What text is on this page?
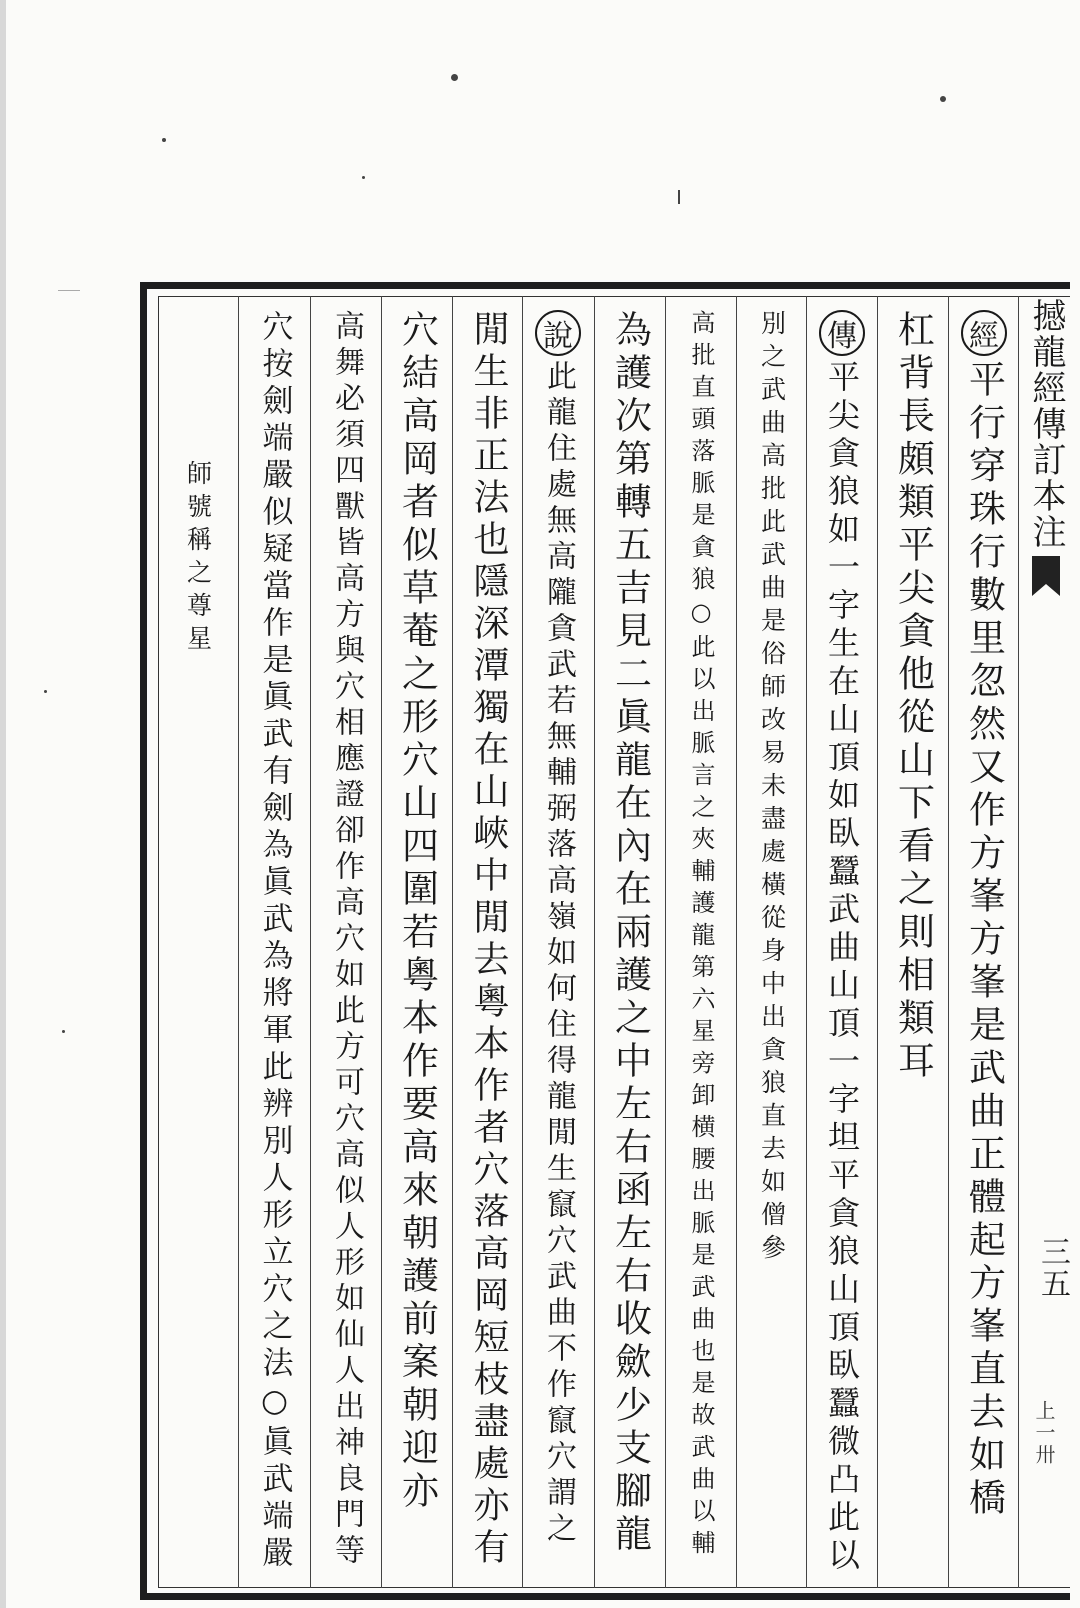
撼龍經傳訂本注
三五
上一卅
經
平行穿珠行數里忽然又作方峯方峯是武曲正體起方峯直去如橋
杠背長頗類平尖貪他從山下看之則相類耳
傳
平尖貪狼如一字生在山頂如臥蠶武曲山頂一字坦平貪狼山頂臥蠶微凸此以
別之武曲高批此武曲是俗師改易未盡處橫從身中出貪狼直去如僧參
高批直頭落脈是貪狼○此以出脈言之夾輔護龍第六星旁卸横腰出脈是武曲也是故武曲以輔
為護次第轉五吉見二眞龍在內在兩護之中左右函左右收歛少支腳龍
說
此龍住處無高隴貪武若無輔弼落高嶺如何住得龍閒生竄穴武曲不作竄穴謂之
閒生非正法也隱深潭獨在山峽中閒去粵本作者穴落高岡短枝盡處亦有
穴結高岡者似草菴之形穴山四圍若粵本作要高來朝護前案朝迎亦
高舞必須四獸皆高方與穴相應證卻作高穴如此方可穴高似人形如仙人出神良門等
穴按劍端嚴似疑當作是眞武有劍為眞武為將軍此辨別人形立穴之法○眞武端嚴
師號稱之尊星
